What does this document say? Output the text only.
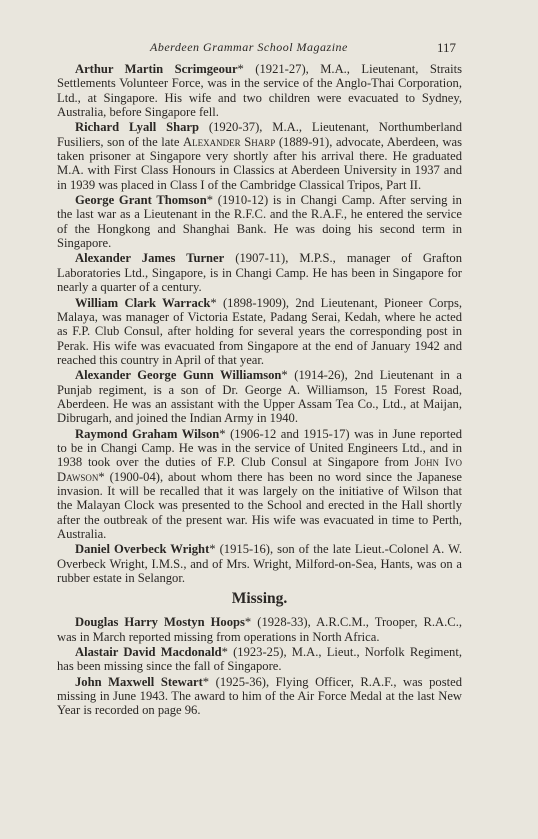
Aberdeen Grammar School Magazine	117

Arthur Martin Scrimgeour* (1921-27), M.A., Lieutenant, Straits Settlements Volunteer Force, was in the service of the Anglo-Thai Corporation, Ltd., at Singapore. His wife and two children were evacuated to Sydney, Australia, before Singapore fell.

Richard Lyall Sharp (1920-37), M.A., Lieutenant, Northumberland Fusiliers, son of the late Alexander Sharp (1889-91), advocate, Aberdeen, was taken prisoner at Singapore very shortly after his arrival there. He graduated M.A. with First Class Honours in Classics at Aberdeen University in 1937 and in 1939 was placed in Class I of the Cambridge Classical Tripos, Part II.

George Grant Thomson* (1910-12) is in Changi Camp. After serving in the last war as a Lieutenant in the R.F.C. and the R.A.F., he entered the service of the Hongkong and Shanghai Bank. He was doing his second term in Singapore.

Alexander James Turner (1907-11), M.P.S., manager of Grafton Laboratories Ltd., Singapore, is in Changi Camp. He has been in Singapore for nearly a quarter of a century.

William Clark Warrack* (1898-1909), 2nd Lieutenant, Pioneer Corps, Malaya, was manager of Victoria Estate, Padang Serai, Kedah, where he acted as F.P. Club Consul, after holding for several years the corresponding post in Perak. His wife was evacuated from Singapore at the end of January 1942 and reached this country in April of that year.

Alexander George Gunn Williamson* (1914-26), 2nd Lieutenant in a Punjab regiment, is a son of Dr. George A. Williamson, 15 Forest Road, Aberdeen. He was an assistant with the Upper Assam Tea Co., Ltd., at Maijan, Dibrugarh, and joined the Indian Army in 1940.

Raymond Graham Wilson* (1906-12 and 1915-17) was in June reported to be in Changi Camp. He was in the service of United Engineers Ltd., and in 1938 took over the duties of F.P. Club Consul at Singapore from John Ivo Dawson* (1900-04), about whom there has been no word since the Japanese invasion. It will be recalled that it was largely on the initiative of Wilson that the Malayan Clock was presented to the School and erected in the Hall shortly after the outbreak of the present war. His wife was evacuated in time to Perth, Australia.

Daniel Overbeck Wright* (1915-16), son of the late Lieut.-Colonel A. W. Overbeck Wright, I.M.S., and of Mrs. Wright, Milford-on-Sea, Hants, was on a rubber estate in Selangor.

Missing.

Douglas Harry Mostyn Hoops* (1928-33), A.R.C.M., Trooper, R.A.C., was in March reported missing from operations in North Africa.

Alastair David Macdonald* (1923-25), M.A., Lieut., Norfolk Regiment, has been missing since the fall of Singapore.

John Maxwell Stewart* (1925-36), Flying Officer, R.A.F., was posted missing in June 1943. The award to him of the Air Force Medal at the last New Year is recorded on page 96.
